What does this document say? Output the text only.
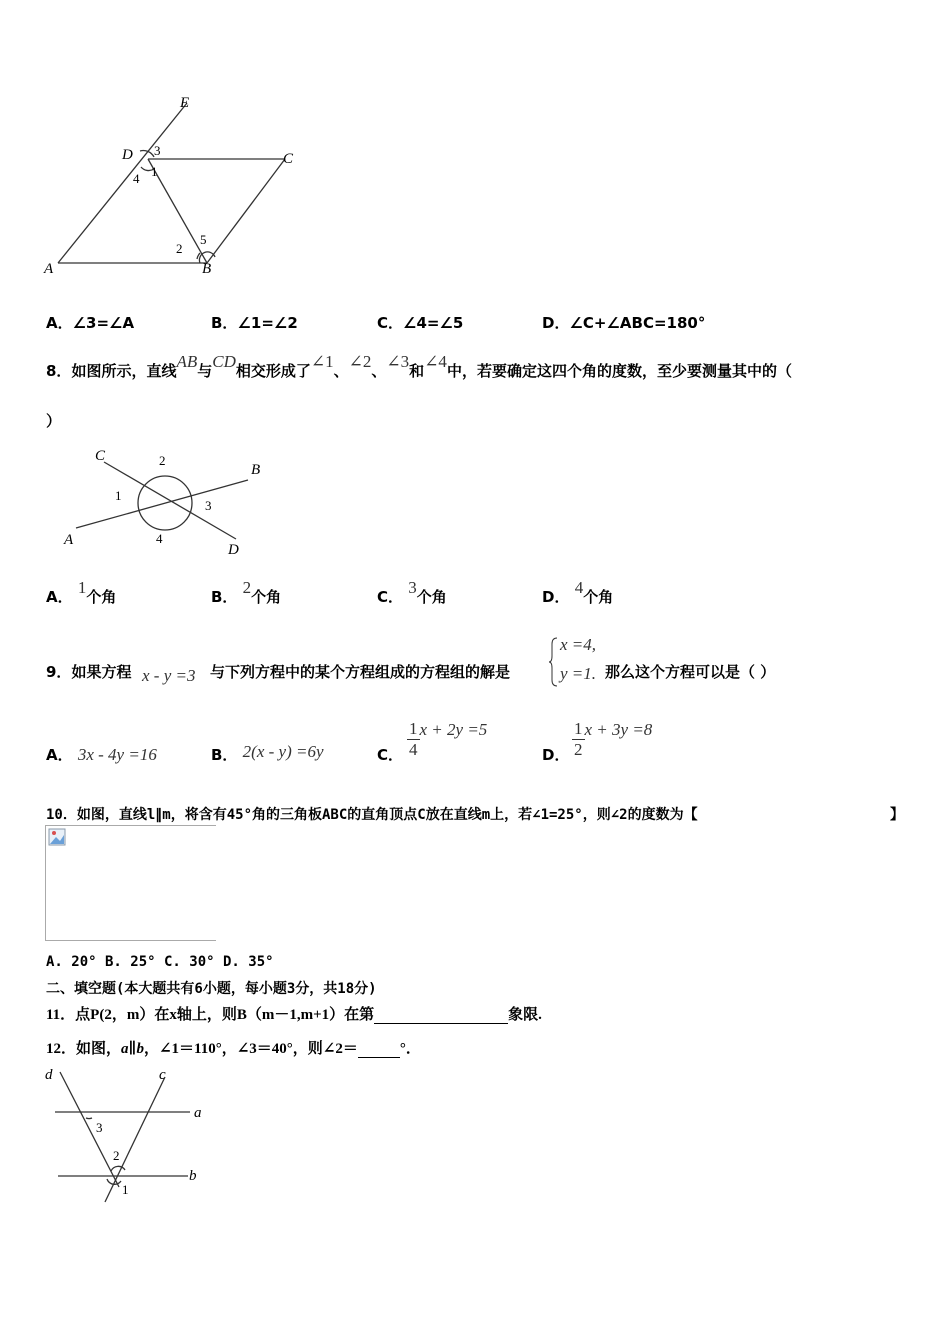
E
D	C
A	B
3
1
4
2
5
A．∠3=∠A	B．∠1=∠2	C．∠4=∠5	D．∠C+∠ABC=180°
8．如图所示，直线AB与CD相交形成了∠1、∠2、∠3和∠4中，若要确定这四个角的度数，至少要测量其中的（
）
C
B
A
D
1
2
3
4
A． 1个角	B． 2个角	C． 3个角	D． 4个角
9．如果方程 x - y =3 与下列方程中的某个方程组成的方程组的解是
x =4,
y =1. 那么这个方程可以是（ ）
A． 3x - 4y =16	B． 2(x - y) =6y	C． $\frac{1}{4}$ x + 2y =5
D． $\frac{1}{2}$ x + 3y =8
10．如图，直线l∥m，将含有45°角的三角板ABC的直角顶点C放在直线m上，若∠1=25°，则∠2的度数为【	】
A. 20° B. 25° C. 30° D. 35°
二、填空题(本大题共有6小题，每小题3分，共18分)
11．点P(2，m）在x轴上，则B（m－1,m+1）在第	象限.
12．如图，a∥b，∠1＝110°，∠3＝40°，则∠2＝	°．
d	c
a
b
3
2
1
